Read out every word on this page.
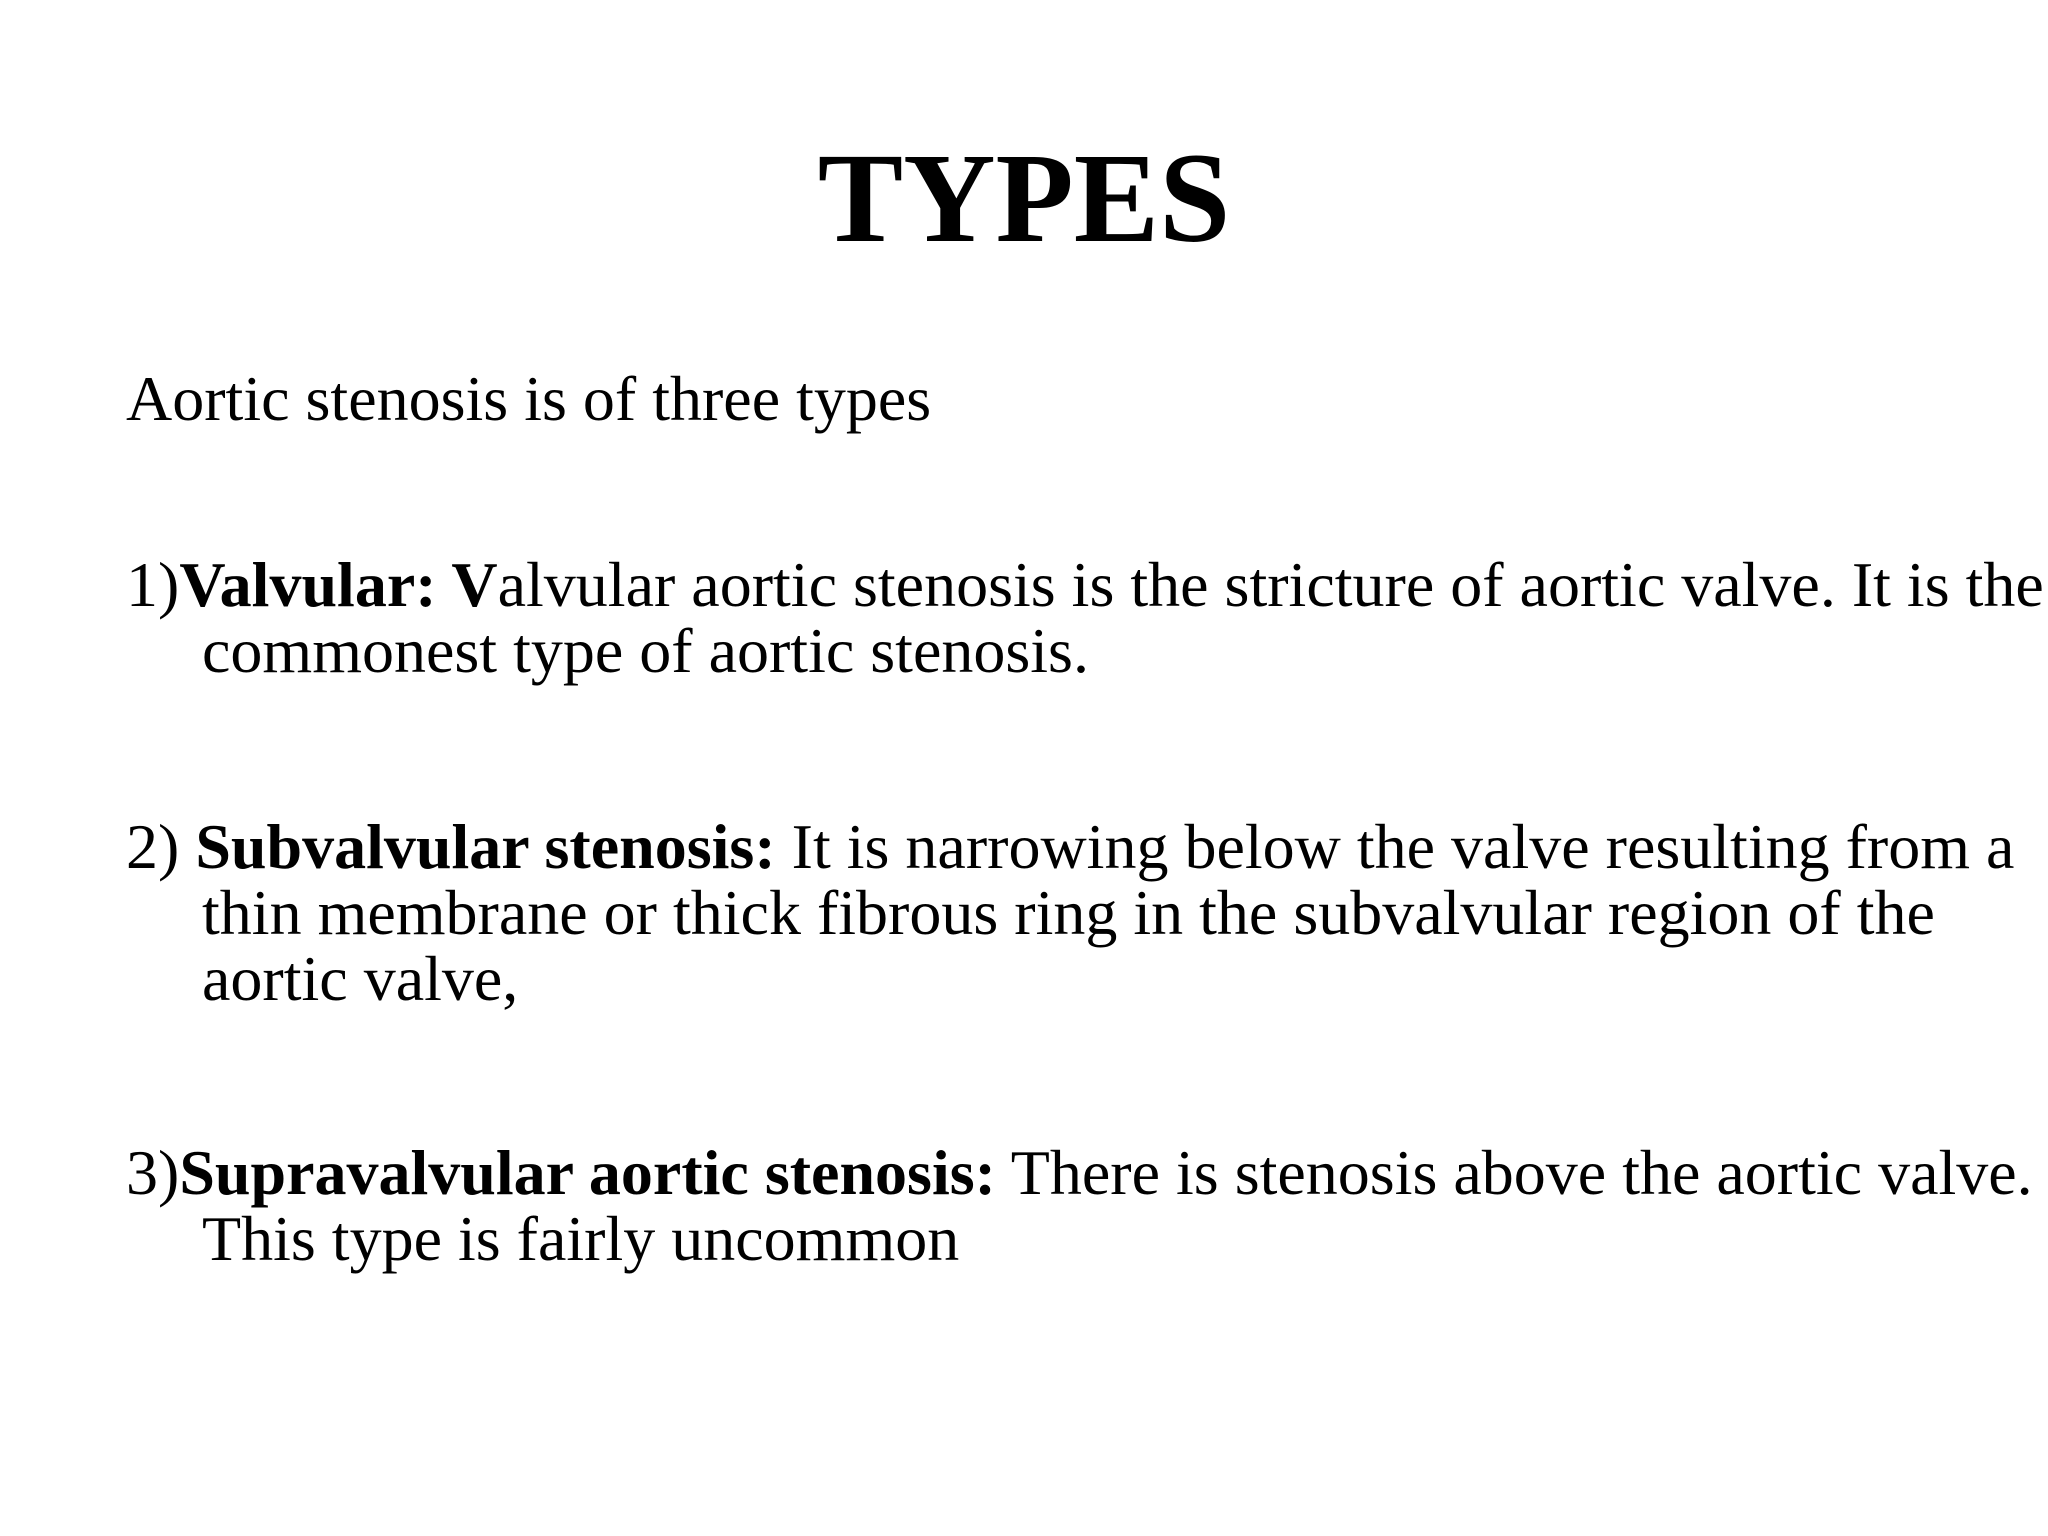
TYPES

Aortic stenosis is of three types

1)Valvular: Valvular aortic stenosis is the stricture of aortic valve. It is the commonest type of aortic stenosis.

2) Subvalvular stenosis: It is narrowing below the valve resulting from a thin membrane or thick fibrous ring in the subvalvular region of the aortic valve,

3)Supravalvular aortic stenosis: There is stenosis above the aortic valve. This type is fairly uncommon
